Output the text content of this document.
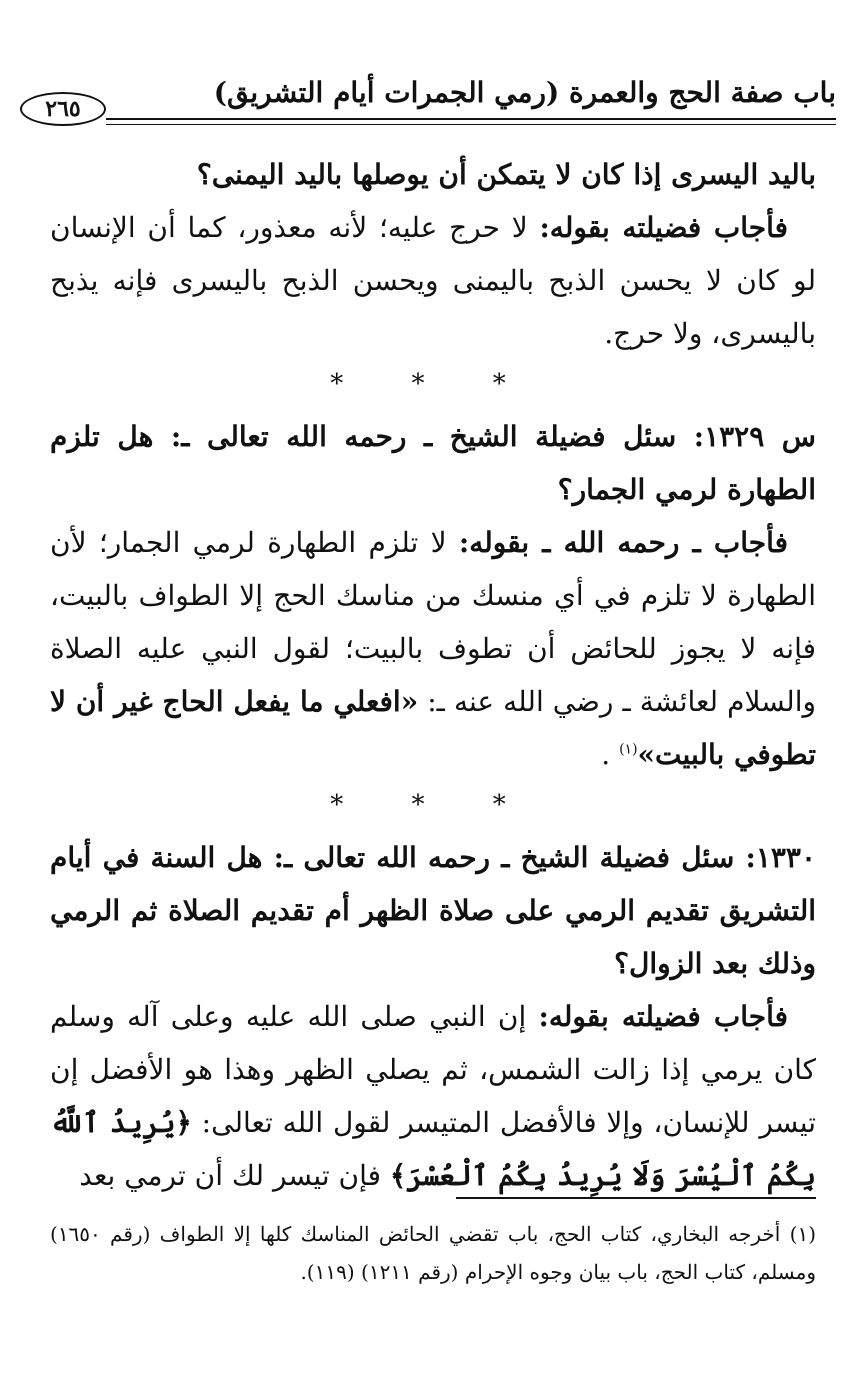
باب صفة الحج والعمرة (رمي الجمرات أيام التشريق)
٢٦٥

باليد اليسرى إذا كان لا يتمكن أن يوصلها باليد اليمنى؟

 فأجاب فضيلته بقوله: لا حرج عليه؛ لأنه معذور، كما أن الإنسان لو كان لا يحسن الذبح باليمنى ويحسن الذبح باليسرى فإنه يذبح باليسرى، ولا حرج.

* * *

س ١٣٢٩: سئل فضيلة الشيخ ـ رحمه الله تعالى ـ: هل تلزم الطهارة لرمي الجمار؟

 فأجاب ـ رحمه الله ـ بقوله: لا تلزم الطهارة لرمي الجمار؛ لأن الطهارة لا تلزم في أي منسك من مناسك الحج إلا الطواف بالبيت، فإنه لا يجوز للحائض أن تطوف بالبيت؛ لقول النبي عليه الصلاة والسلام لعائشة ـ رضي الله عنه ـ: «افعلي ما يفعل الحاج غير أن لا تطوفي بالبيت»$^{(١)}$ .

* * *

١٣٣٠: سئل فضيلة الشيخ ـ رحمه الله تعالى ـ: هل السنة في أيام التشريق تقديم الرمي على صلاة الظهر أم تقديم الصلاة ثم الرمي وذلك بعد الزوال؟

 فأجاب فضيلته بقوله: إن النبي صلى الله عليه وعلى آله وسلم كان يرمي إذا زالت الشمس، ثم يصلي الظهر وهذا هو الأفضل إن تيسر للإنسان، وإلا فالأفضل المتيسر لقول الله تعالى: ﴿يُرِيدُ ٱللَّهُ بِكُمُ ٱلْيُسْرَ وَلَا يُرِيدُ بِكُمُ ٱلْعُسْرَ﴾ فإن تيسر لك أن ترمي بعد

(١) أخرجه البخاري، كتاب الحج، باب تقضي الحائض المناسك كلها إلا الطواف (رقم ١٦٥٠) ومسلم، كتاب الحج، باب بيان وجوه الإحرام (رقم ١٢١١) (١١٩).
